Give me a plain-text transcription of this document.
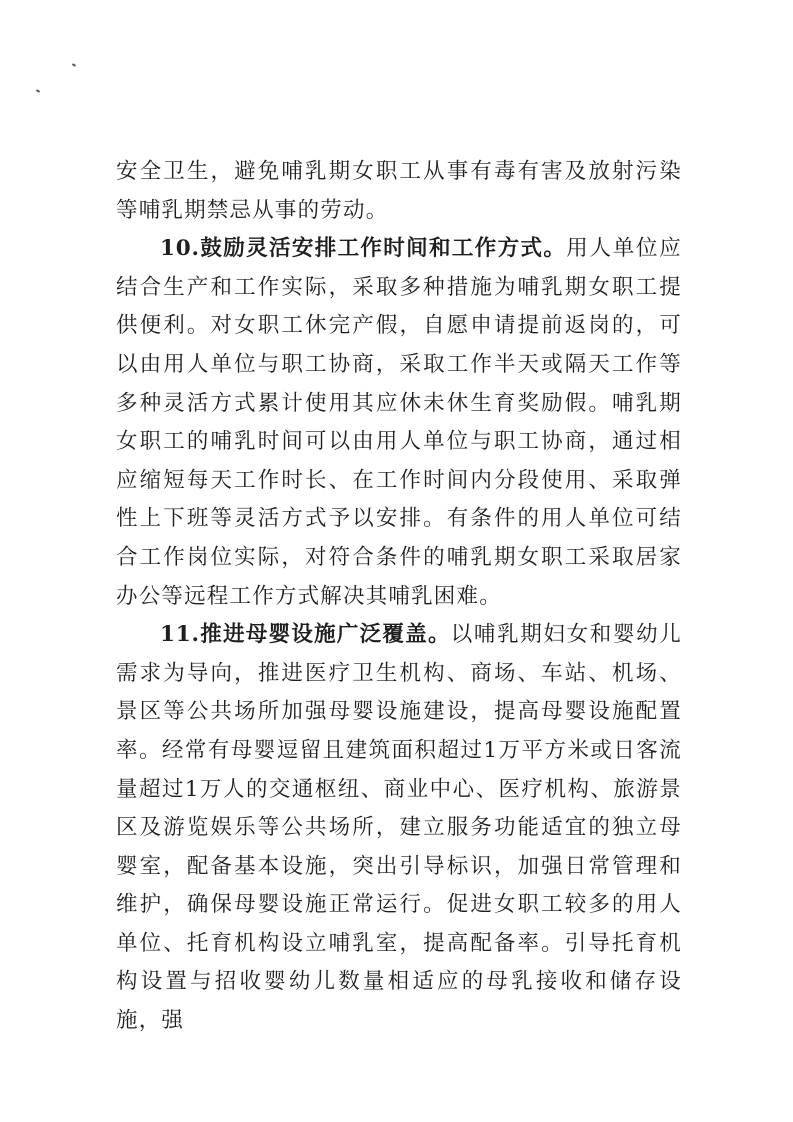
安全卫生，避免哺乳期女职工从事有毒有害及放射污染等哺乳期禁忌从事的劳动。

10.鼓励灵活安排工作时间和工作方式。用人单位应结合生产和工作实际，采取多种措施为哺乳期女职工提供便利。对女职工休完产假，自愿申请提前返岗的，可以由用人单位与职工协商，采取工作半天或隔天工作等多种灵活方式累计使用其应休未休生育奖励假。哺乳期女职工的哺乳时间可以由用人单位与职工协商，通过相应缩短每天工作时长、在工作时间内分段使用、采取弹性上下班等灵活方式予以安排。有条件的用人单位可结合工作岗位实际，对符合条件的哺乳期女职工采取居家办公等远程工作方式解决其哺乳困难。

11.推进母婴设施广泛覆盖。以哺乳期妇女和婴幼儿需求为导向，推进医疗卫生机构、商场、车站、机场、景区等公共场所加强母婴设施建设，提高母婴设施配置率。经常有母婴逗留且建筑面积超过1万平方米或日客流量超过1万人的交通枢纽、商业中心、医疗机构、旅游景区及游览娱乐等公共场所，建立服务功能适宜的独立母婴室，配备基本设施，突出引导标识，加强日常管理和维护，确保母婴设施正常运行。促进女职工较多的用人单位、托育机构设立哺乳室，提高配备率。引导托育机构设置与招收婴幼儿数量相适应的母乳接收和储存设施，强
